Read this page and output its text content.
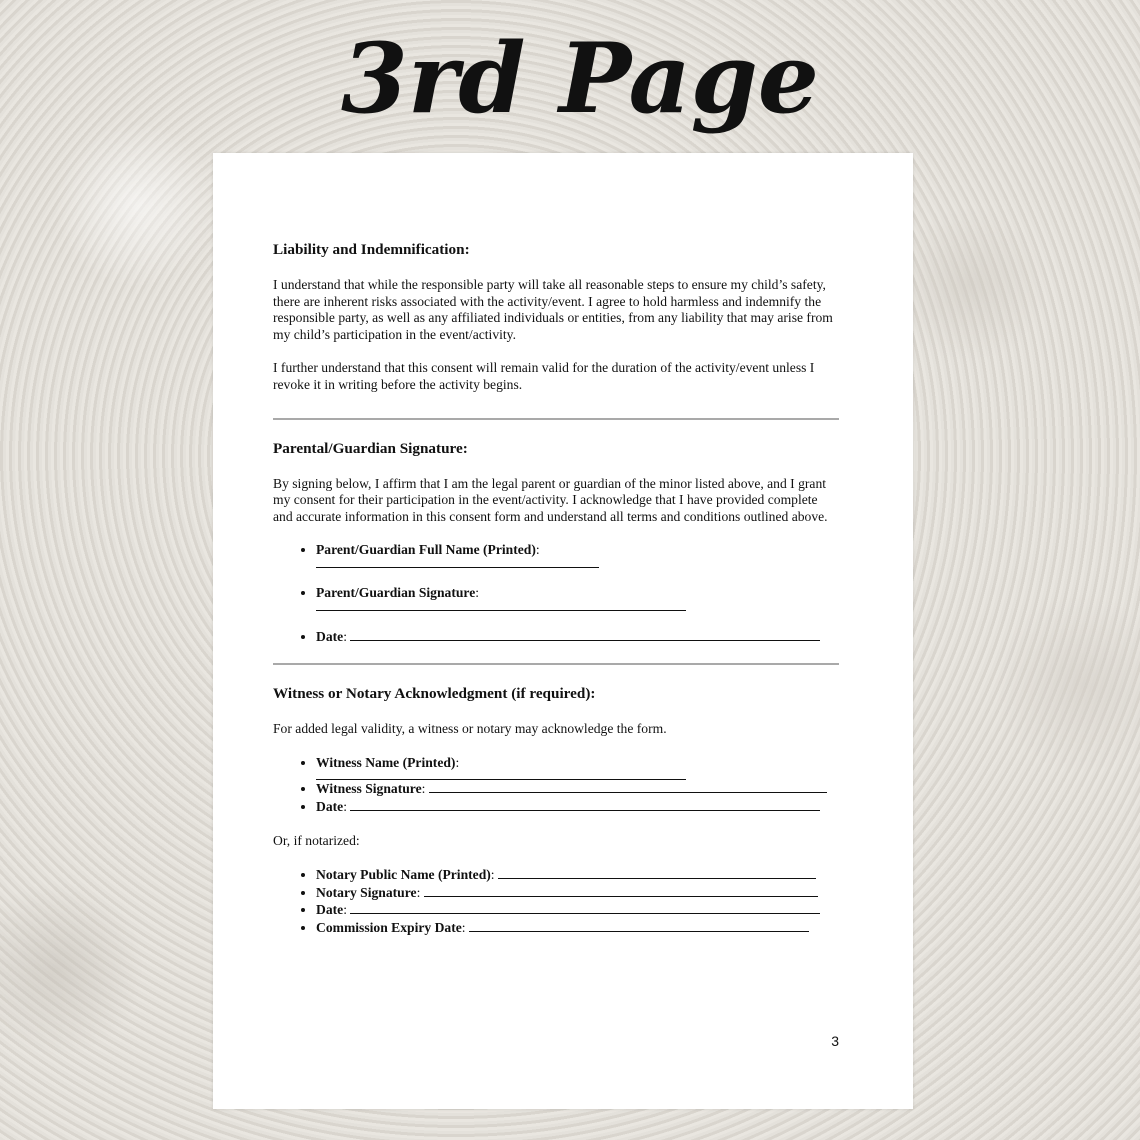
3rd Page
Liability and Indemnification:

I understand that while the responsible party will take all reasonable steps to ensure my child’s safety, there are inherent risks associated with the activity/event. I agree to hold harmless and indemnify the responsible party, as well as any affiliated individuals or entities, from any liability that may arise from my child’s participation in the event/activity.

I further understand that this consent will remain valid for the duration of the activity/event unless I revoke it in writing before the activity begins.

Parental/Guardian Signature:

By signing below, I affirm that I am the legal parent or guardian of the minor listed above, and I grant my consent for their participation in the event/activity. I acknowledge that I have provided complete and accurate information in this consent form and understand all terms and conditions outlined above.

• Parent/Guardian Full Name (Printed):
• Parent/Guardian Signature:
• Date:
Witness or Notary Acknowledgment (if required):

For added legal validity, a witness or notary may acknowledge the form.

• Witness Name (Printed):
• Witness Signature:
• Date:

Or, if notarized:

• Notary Public Name (Printed):
• Notary Signature:
• Date:
• Commission Expiry Date:
3
